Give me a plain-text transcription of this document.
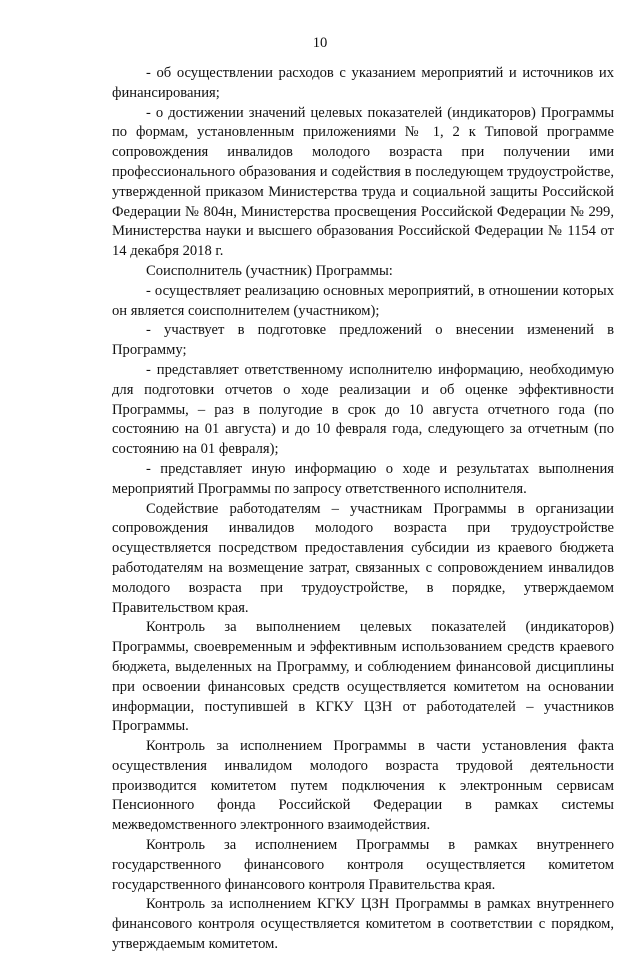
10

- об осуществлении расходов с указанием мероприятий и источников их финансирования;

- о достижении значений целевых показателей (индикаторов) Программы по формам, установленным приложениями № 1, 2 к Типовой программе сопровождения инвалидов молодого возраста при получении ими профессионального образования и содействия в последующем трудоустройстве, утвержденной приказом Министерства труда и социальной защиты Российской Федерации № 804н, Министерства просвещения Российской Федерации № 299, Министерства науки и высшего образования Российской Федерации № 1154 от 14 декабря 2018 г.

Соисполнитель (участник) Программы:

- осуществляет реализацию основных мероприятий, в отношении которых он является соисполнителем (участником);

- участвует в подготовке предложений о внесении изменений в Программу;

- представляет ответственному исполнителю информацию, необходимую для подготовки отчетов о ходе реализации и об оценке эффективности Программы, – раз в полугодие в срок до 10 августа отчетного года (по состоянию на 01 августа) и до 10 февраля года, следующего за отчетным (по состоянию на 01 февраля);

- представляет иную информацию о ходе и результатах выполнения мероприятий Программы по запросу ответственного исполнителя.

Содействие работодателям – участникам Программы в организации сопровождения инвалидов молодого возраста при трудоустройстве осуществляется посредством предоставления субсидии из краевого бюджета работодателям на возмещение затрат, связанных с сопровождением инвалидов молодого возраста при трудоустройстве, в порядке, утверждаемом Правительством края.

Контроль за выполнением целевых показателей (индикаторов) Программы, своевременным и эффективным использованием средств краевого бюджета, выделенных на Программу, и соблюдением финансовой дисциплины при освоении финансовых средств осуществляется комитетом на основании информации, поступившей в КГКУ ЦЗН от работодателей – участников Программы.

Контроль за исполнением Программы в части установления факта осуществления инвалидом молодого возраста трудовой деятельности производится комитетом путем подключения к электронным сервисам Пенсионного фонда Российской Федерации в рамках системы межведомственного электронного взаимодействия.

Контроль за исполнением Программы в рамках внутреннего государственного финансового контроля осуществляется комитетом государственного финансового контроля Правительства края.

Контроль за исполнением КГКУ ЦЗН Программы в рамках внутреннего финансового контроля осуществляется комитетом в соответствии с порядком, утверждаемым комитетом.
